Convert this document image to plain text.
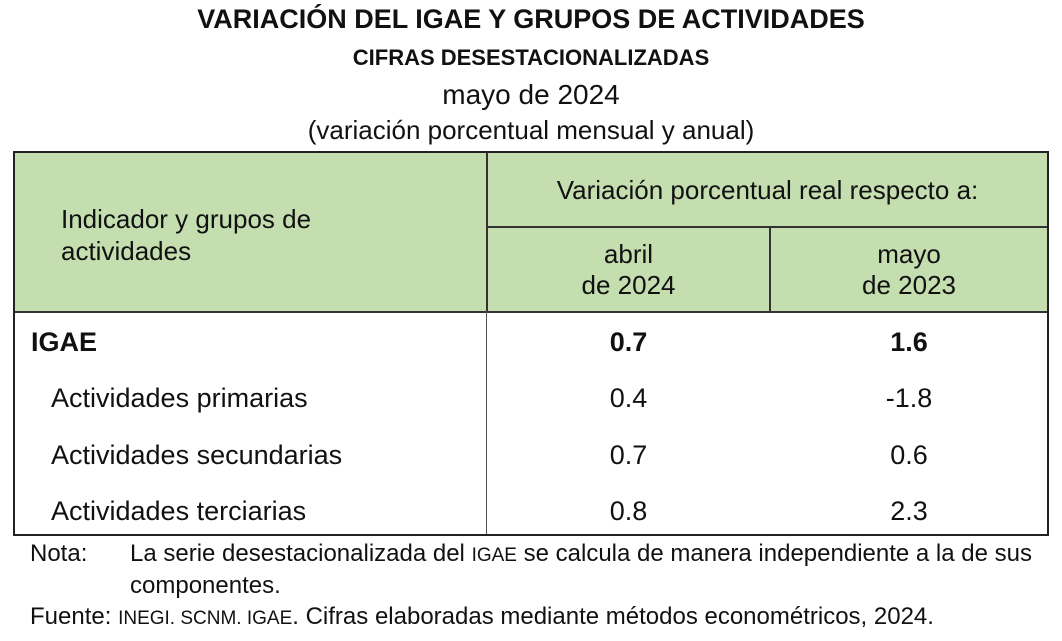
VARIACIÓN DEL IGAE Y GRUPOS DE ACTIVIDADES
CIFRAS DESESTACIONALIZADAS
mayo de 2024
(variación porcentual mensual y anual)
Indicador y grupos de
actividades
Variación porcentual real respecto a:
abril
de 2024
mayo
de 2023
IGAE	0.7	1.6
Actividades primarias	0.4	-1.8
Actividades secundarias	0.7	0.6
Actividades terciarias	0.8	2.3
Nota: La serie desestacionalizada del IGAE se calcula de manera independiente a la de sus componentes.
Fuente: INEGI. SCNM. IGAE. Cifras elaboradas mediante métodos econométricos, 2024.
